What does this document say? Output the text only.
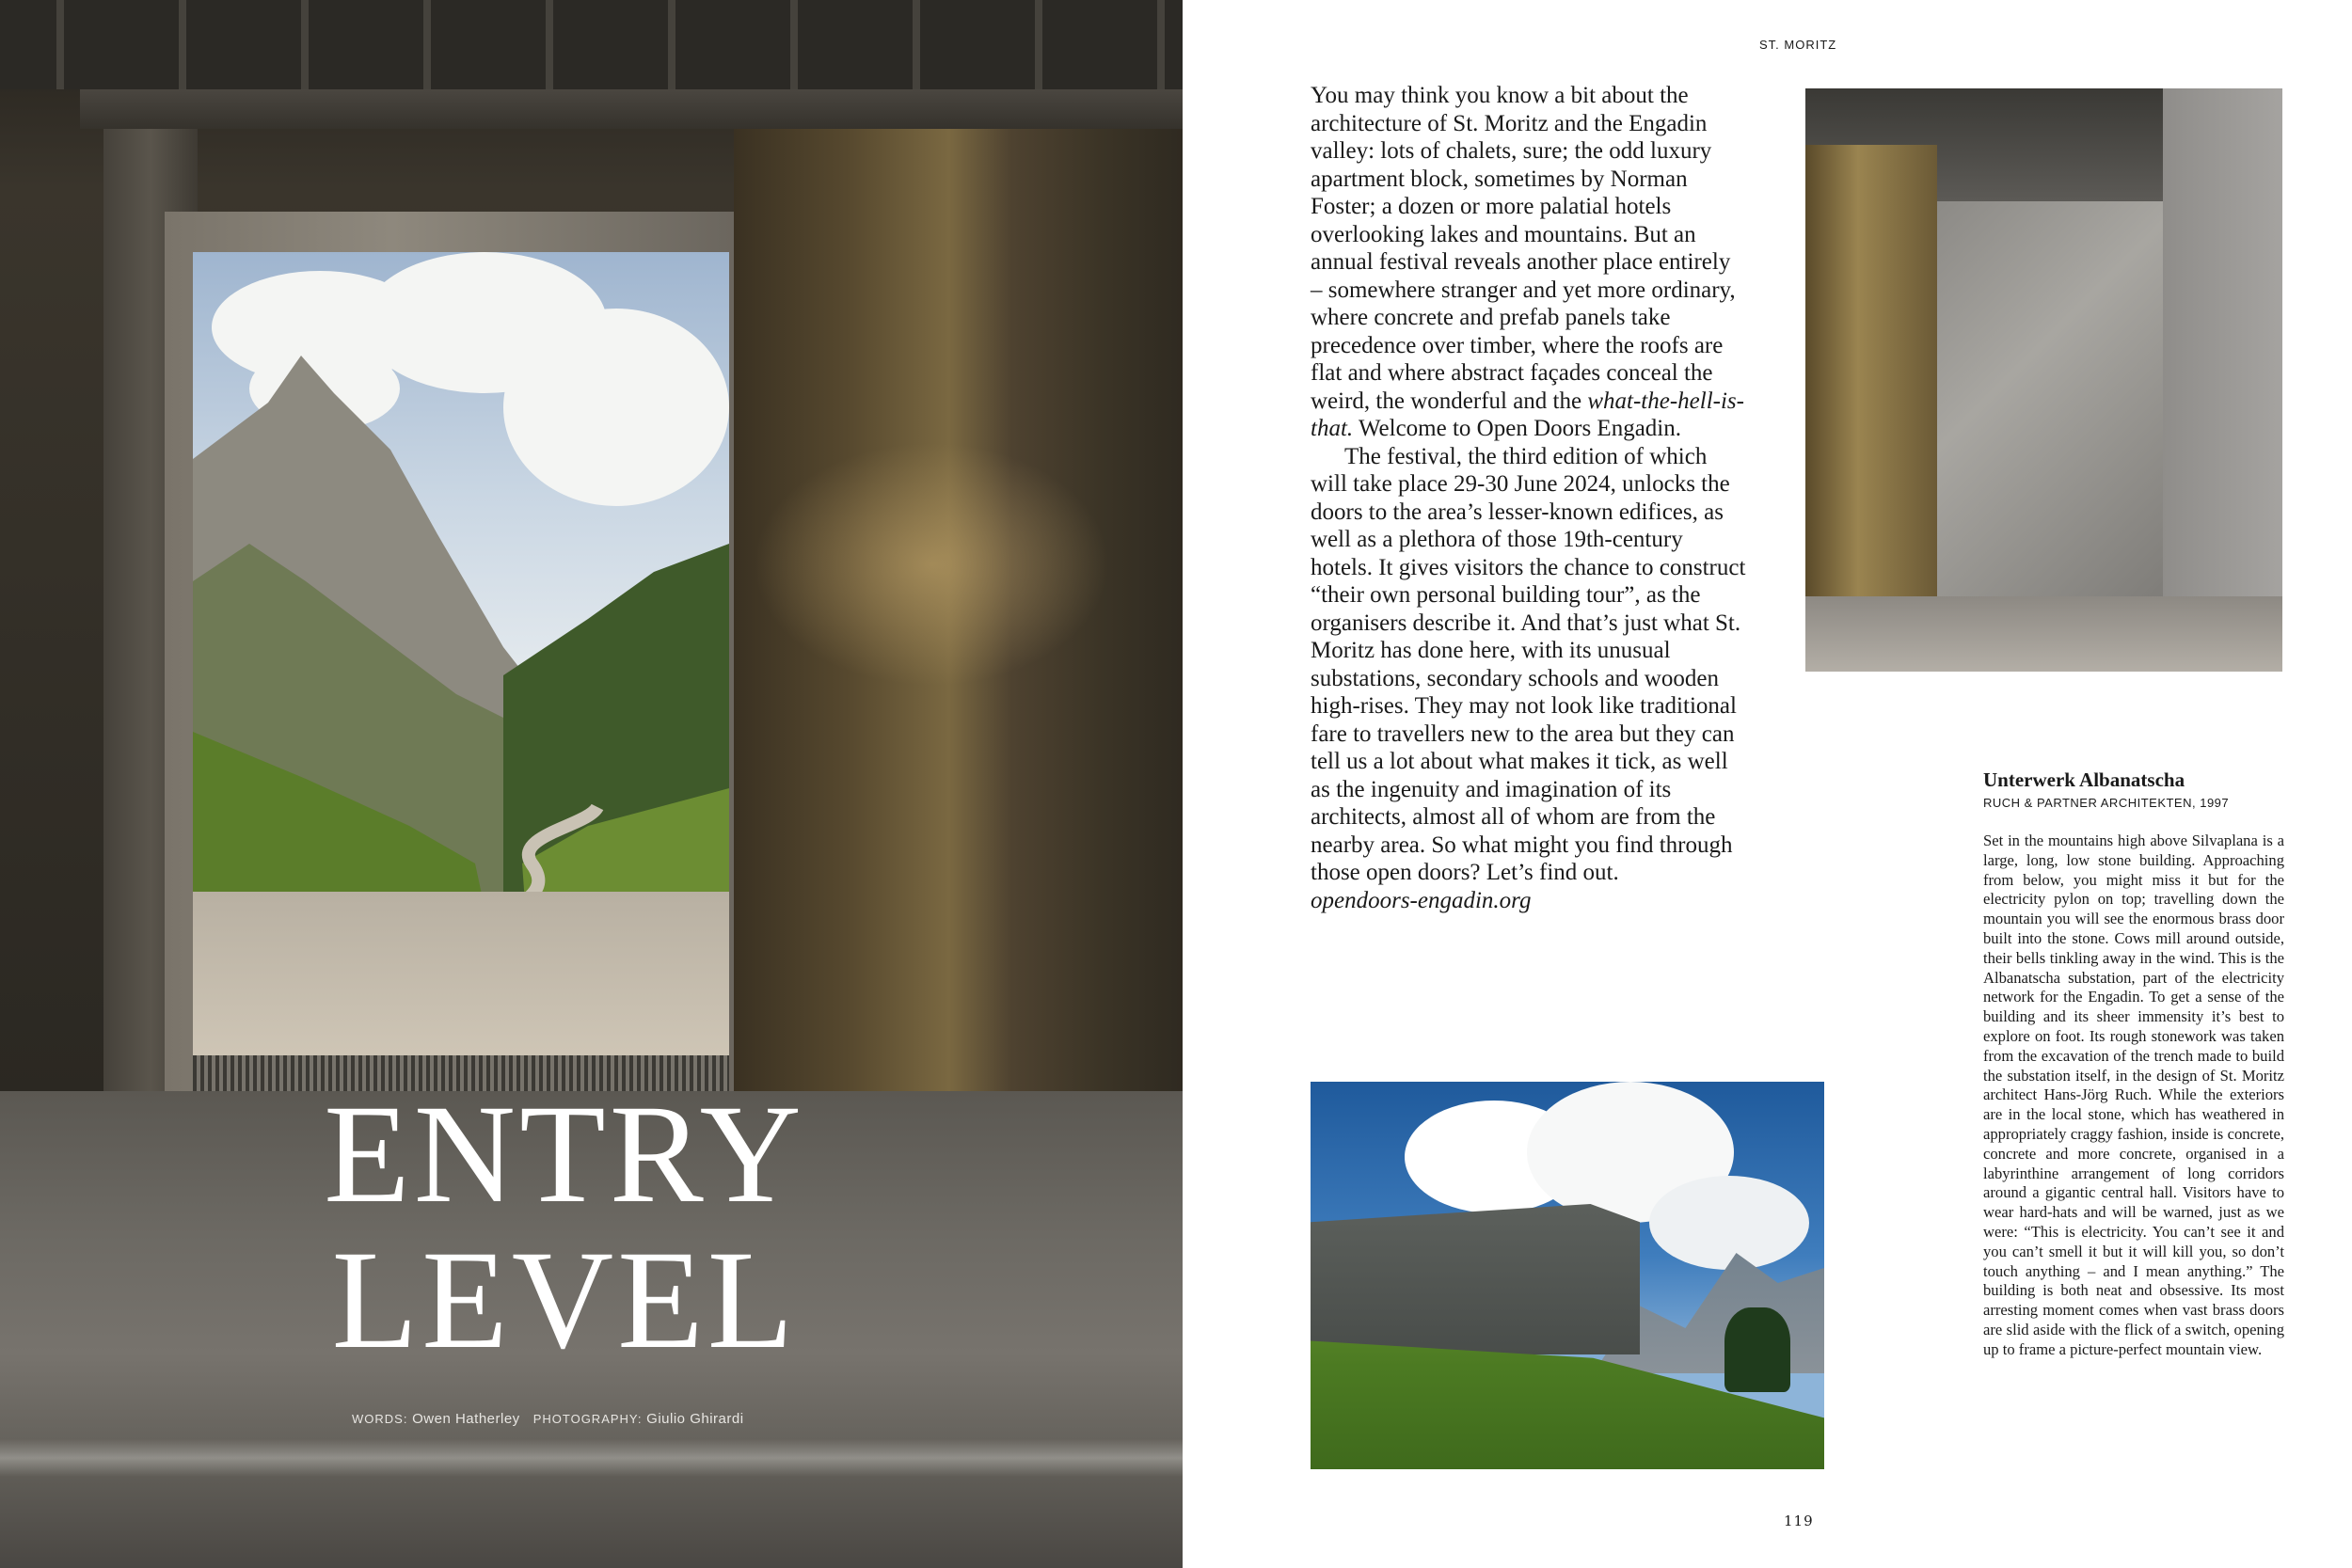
ENTRY
LEVEL
WORDS: Owen Hatherley PHOTOGRAPHY: Giulio Ghirardi
ST. MORITZ

You may think you know a bit about the architecture of St. Moritz and the Engadin valley: lots of chalets, sure; the odd luxury apartment block, sometimes by Norman Foster; a dozen or more palatial hotels overlooking lakes and mountains. But an annual festival reveals another place entirely – somewhere stranger and yet more ordinary, where concrete and prefab panels take precedence over timber, where the roofs are flat and where abstract façades conceal the weird, the wonderful and the what-the-hell-is-that. Welcome to Open Doors Engadin.

The festival, the third edition of which will take place 29-30 June 2024, unlocks the doors to the area’s lesser-known edifices, as well as a plethora of those 19th-century hotels. It gives visitors the chance to construct “their own personal building tour”, as the organisers describe it. And that’s just what St. Moritz has done here, with its unusual substations, secondary schools and wooden high-rises. They may not look like traditional fare to travellers new to the area but they can tell us a lot about what makes it tick, as well as the ingenuity and imagination of its architects, almost all of whom are from the nearby area. So what might you find through those open doors? Let’s find out.

opendoors-engadin.org

Unterwerk Albanatscha
RUCH & PARTNER ARCHITEKTEN, 1997

Set in the mountains high above Silvaplana is a large, long, low stone building. Approaching from below, you might miss it but for the electricity pylon on top; travelling down the mountain you will see the enormous brass door built into the stone. Cows mill around outside, their bells tinkling away in the wind. This is the Albanatscha substation, part of the electricity network for the Engadin. To get a sense of the building and its sheer immensity it’s best to explore on foot. Its rough stonework was taken from the excavation of the trench made to build the substation itself, in the design of St. Moritz architect Hans-Jörg Ruch. While the exteriors are in the local stone, which has weathered in appropriately craggy fashion, inside is concrete, concrete and more concrete, organised in a labyrinthine arrangement of long corridors around a gigantic central hall. Visitors have to wear hard-hats and will be warned, just as we were: “This is electricity. You can’t see it and you can’t smell it but it will kill you, so don’t touch anything – and I mean anything.” The building is both neat and obsessive. Its most arresting moment comes when vast brass doors are slid aside with the flick of a switch, opening up to frame a picture-perfect mountain view.

119
